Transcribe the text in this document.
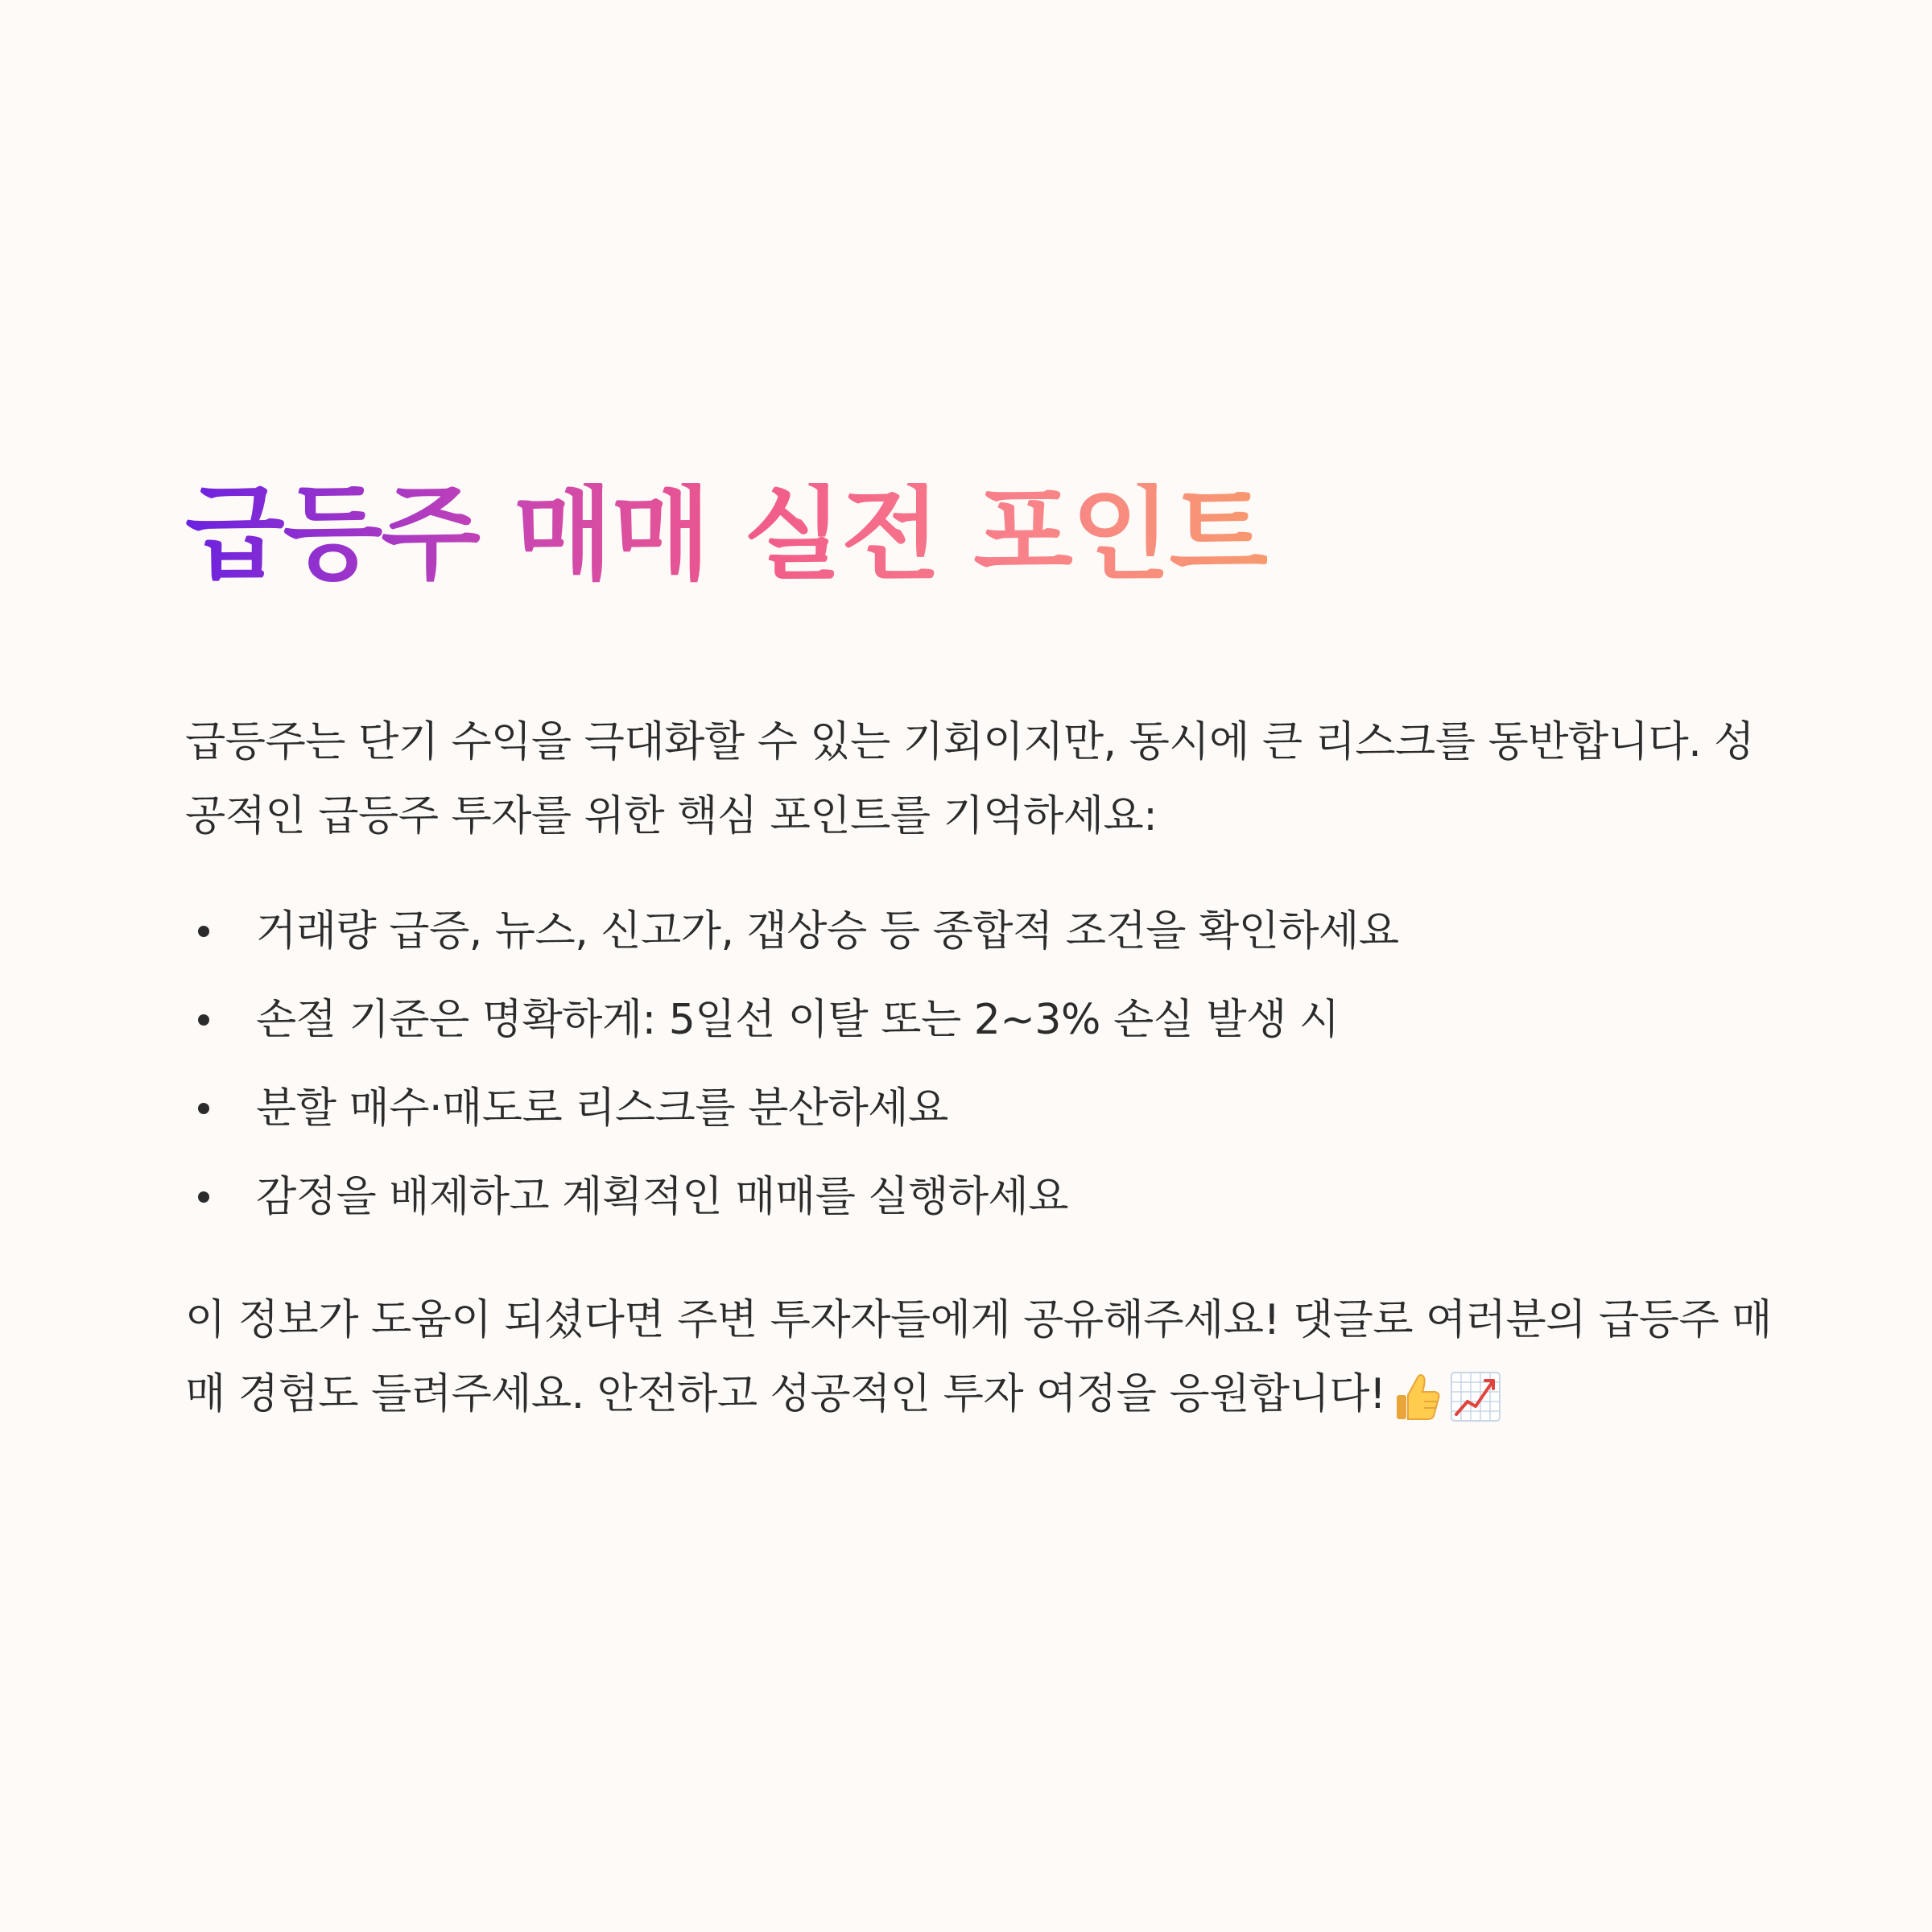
급등주 매매 실전 포인트

급등주는 단기 수익을 극대화할 수 있는 기회이지만, 동시에 큰 리스크를 동반합니다. 성공적인 급등주 투자를 위한 핵심 포인트를 기억하세요:

거래량 급증, 뉴스, 신고가, 갭상승 등 종합적 조건을 확인하세요
손절 기준은 명확하게: 5일선 이탈 또는 2~3% 손실 발생 시
분할 매수·매도로 리스크를 분산하세요
감정을 배제하고 계획적인 매매를 실행하세요

이 정보가 도움이 되셨다면 주변 투자자들에게 공유해주세요! 댓글로 여러분의 급등주 매매 경험도 들려주세요. 안전하고 성공적인 투자 여정을 응원합니다!
